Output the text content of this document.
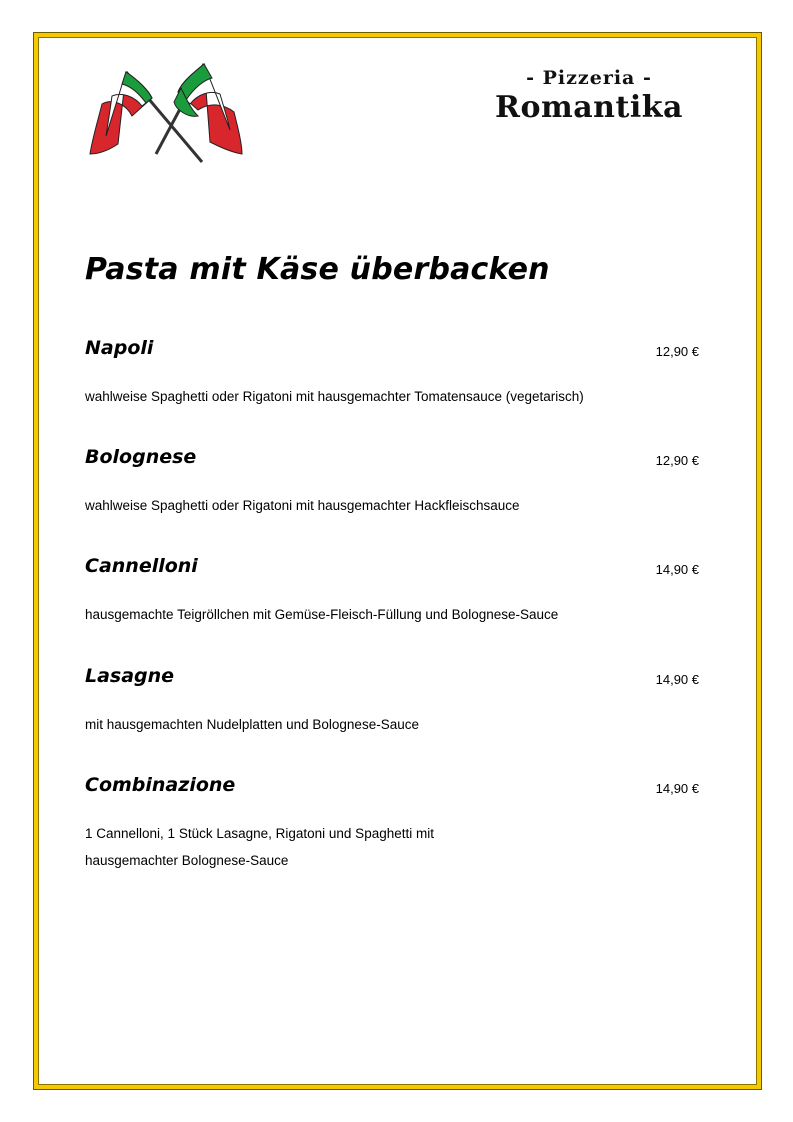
- Pizzeria -
Romantika
Pasta mit Käse überbacken
Napoli	12,90 €
wahlweise Spaghetti oder Rigatoni mit hausgemachter Tomatensauce (vegetarisch)
Bolognese	12,90 €
wahlweise Spaghetti oder Rigatoni mit hausgemachter Hackfleischsauce
Cannelloni	14,90 €
hausgemachte Teigröllchen mit Gemüse-Fleisch-Füllung und Bolognese-Sauce
Lasagne	14,90 €
mit hausgemachten Nudelplatten und Bolognese-Sauce
Combinazione	14,90 €
1 Cannelloni, 1 Stück Lasagne, Rigatoni und Spaghetti mit
hausgemachter Bolognese-Sauce
